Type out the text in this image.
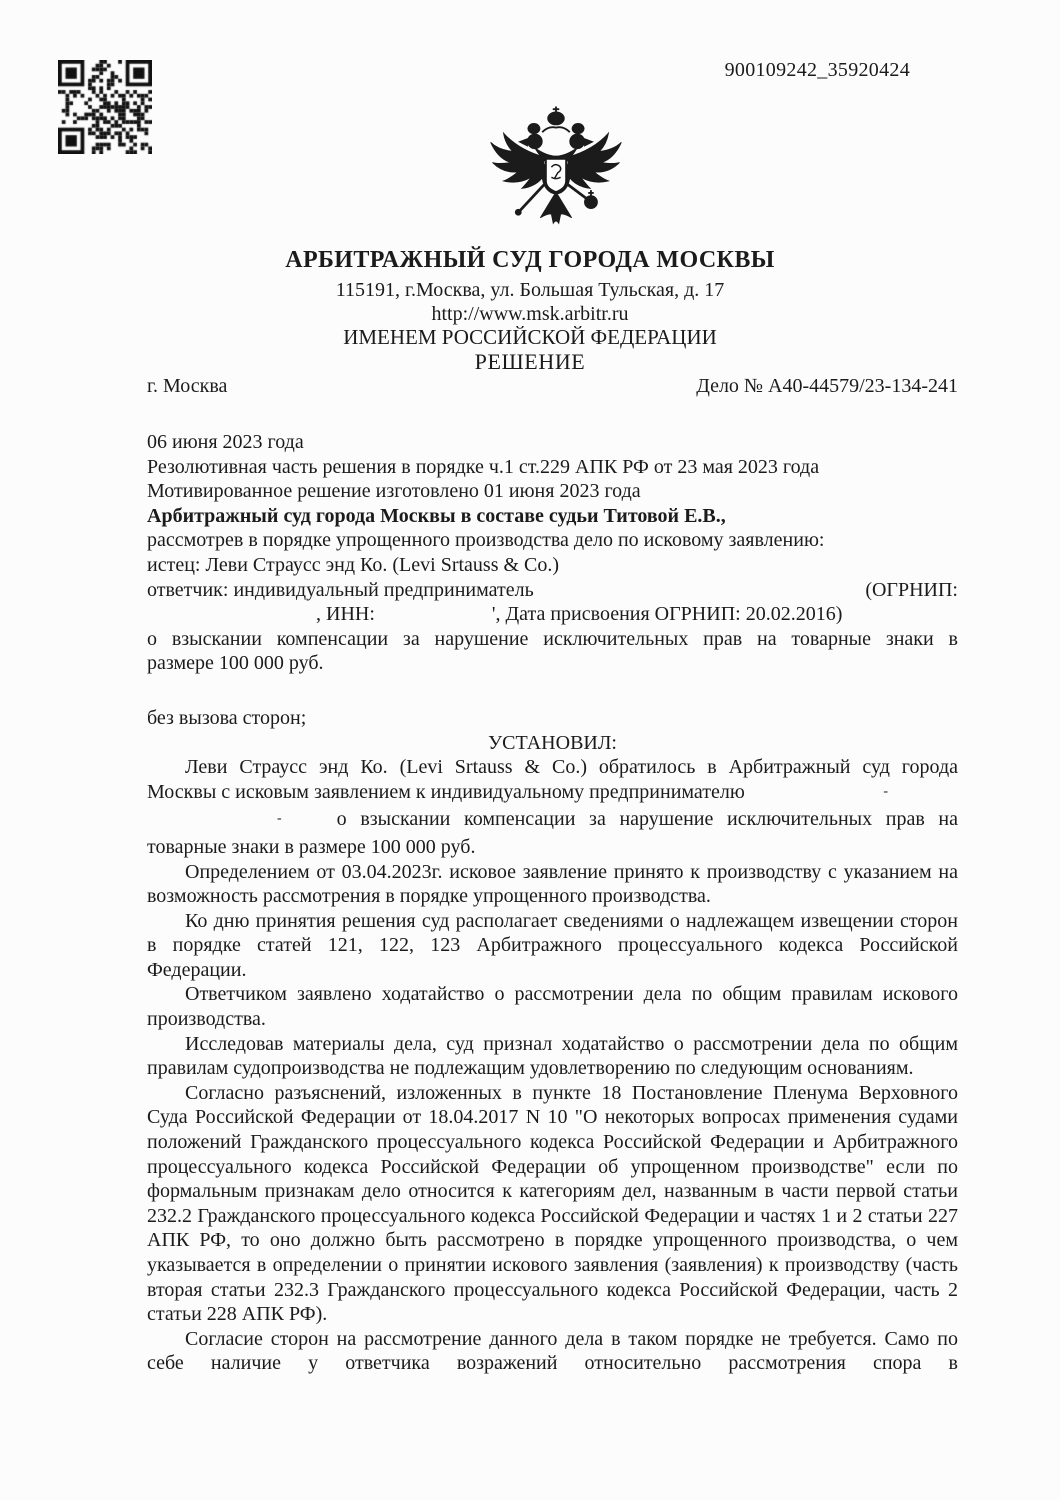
900109242_35920424
АРБИТРАЖНЫЙ СУД ГОРОДА МОСКВЫ
115191, г.Москва, ул. Большая Тульская, д. 17
http://www.msk.arbitr.ru
ИМЕНЕМ РОССИЙСКОЙ ФЕДЕРАЦИИ
РЕШЕНИЕ
г. Москва	Дело № А40-44579/23-134-241
06 июня 2023 года
Резолютивная часть решения в порядке ч.1 ст.229 АПК РФ от 23 мая 2023 года
Мотивированное решение изготовлено 01 июня 2023 года
Арбитражный суд города Москвы в составе судьи Титовой Е.В.,
рассмотрев в порядке упрощенного производства дело по исковому заявлению:
истец: Леви Страусс энд Ко. (Levi Srtauss & Co.)
ответчик: индивидуальный предприниматель	(ОГРНИП:
, ИНН:	', Дата присвоения ОГРНИП: 20.02.2016)
о взыскании компенсации за нарушение исключительных прав на товарные знаки в
размере 100 000 руб.
без вызова сторон;
УСТАНОВИЛ:
Леви Страусс энд Ко. (Levi Srtauss & Co.) обратилось в Арбитражный суд города
Москвы с исковым заявлением к индивидуальному предпринимателю	-
-	о взыскании компенсации за нарушение исключительных прав на
товарные знаки в размере 100 000 руб.
Определением от 03.04.2023г. исковое заявление принято к производству с указанием на возможность рассмотрения в порядке упрощенного производства.
Ко дню принятия решения суд располагает сведениями о надлежащем извещении сторон в порядке статей 121, 122, 123 Арбитражного процессуального кодекса Российской Федерации.
Ответчиком заявлено ходатайство о рассмотрении дела по общим правилам искового производства.
Исследовав материалы дела, суд признал ходатайство о рассмотрении дела по общим правилам судопроизводства не подлежащим удовлетворению по следующим основаниям.
Согласно разъяснений, изложенных в пункте 18 Постановление Пленума Верховного Суда Российской Федерации от 18.04.2017 N 10 "О некоторых вопросах применения судами положений Гражданского процессуального кодекса Российской Федерации и Арбитражного процессуального кодекса Российской Федерации об упрощенном производстве" если по формальным признакам дело относится к категориям дел, названным в части первой статьи 232.2 Гражданского процессуального кодекса Российской Федерации и частях 1 и 2 статьи 227 АПК РФ, то оно должно быть рассмотрено в порядке упрощенного производства, о чем указывается в определении о принятии искового заявления (заявления) к производству (часть вторая статьи 232.3 Гражданского процессуального кодекса Российской Федерации, часть 2 статьи 228 АПК РФ).
Согласие сторон на рассмотрение данного дела в таком порядке не требуется. Само по себе наличие у ответчика возражений относительно рассмотрения спора в
